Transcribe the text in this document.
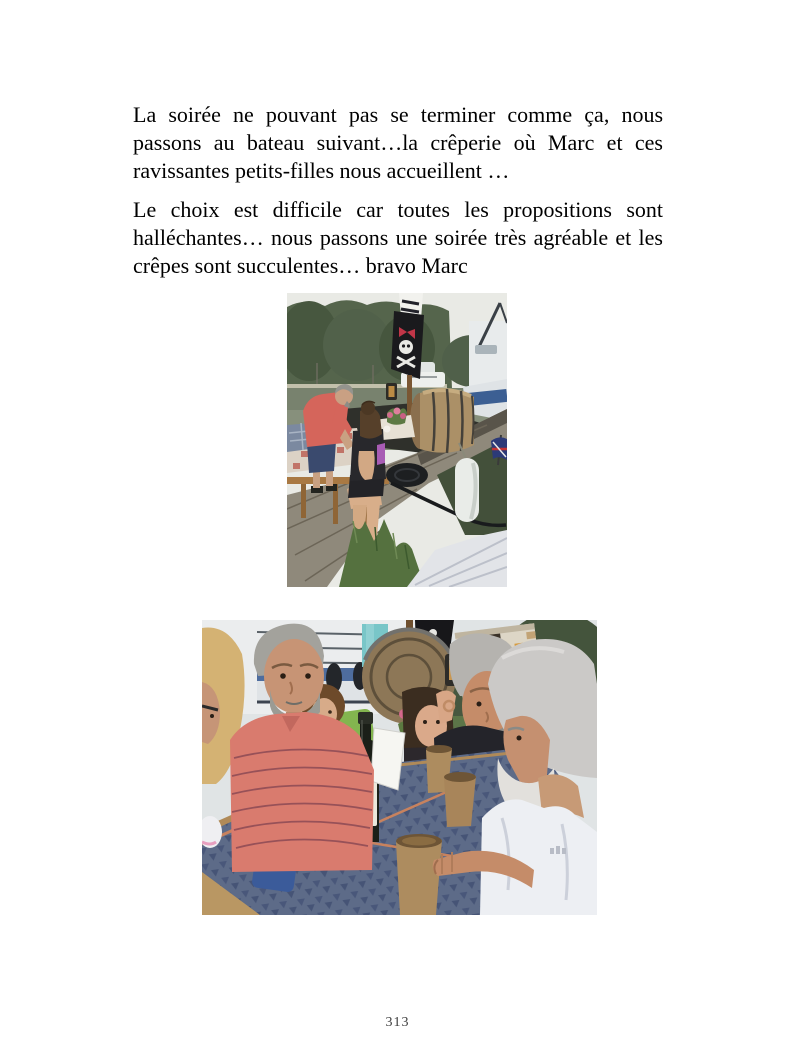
La soirée ne pouvant pas se terminer comme ça, nous
passons au bateau suivant…la crêperie où Marc et ces
ravissantes petits-filles nous accueillent …

Le choix est difficile car toutes les propositions sont
halléchantes… nous passons une soirée très agréable et les
crêpes sont succulentes… bravo Marc

313
